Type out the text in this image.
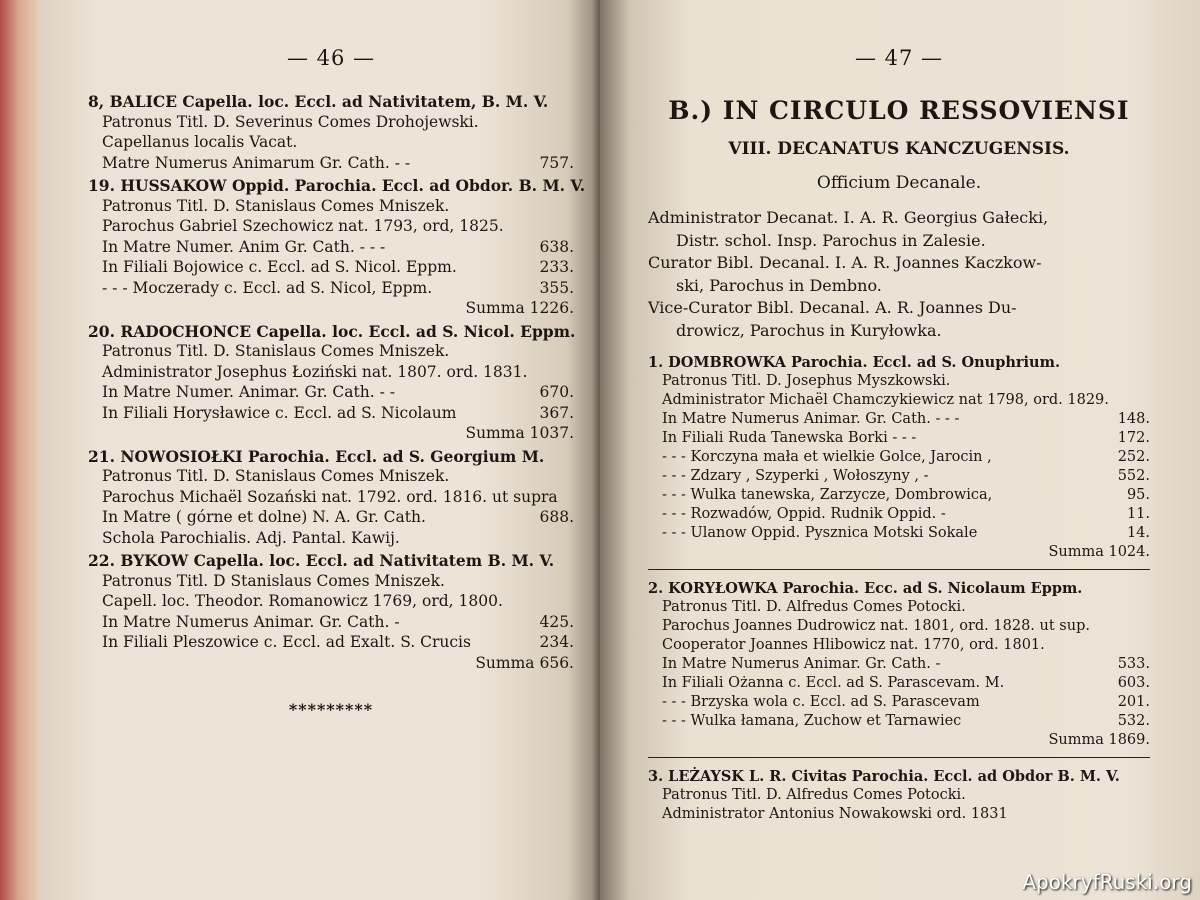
— 46 —
8, BALICE Capella. loc. Eccl. ad Nativitatem, B. M. V.
Patronus Titl. D. Severinus Comes Drohojewski.
Capellanus localis Vacat.
Matre Numerus Animarum Gr. Cath. - -	757.
19. HUSSAKOW Oppid. Parochia. Eccl. ad Obdor. B. M. V.
Patronus Titl. D. Stanislaus Comes Mniszek.
Parochus Gabriel Szechowicz nat. 1793, ord, 1825.
In Matre Numer. Anim Gr. Cath. - - -	638.
In Filiali Bojowice c. Eccl. ad S. Nicol. Eppm.	233.
- - - Moczerady c. Eccl. ad S. Nicol, Eppm.	355.
Summa 1226.
20. RADOCHONCE Capella. loc. Eccl. ad S. Nicol. Eppm.
Patronus Titl. D. Stanislaus Comes Mniszek.
Administrator Josephus Łoziński nat. 1807. ord. 1831.
In Matre Numer. Animar. Gr. Cath. - -	670.
In Filiali Horysławice c. Eccl. ad S. Nicolaum	367.
Summa 1037.
21. NOWOSIOŁKI Parochia. Eccl. ad S. Georgium M.
Patronus Titl. D. Stanislaus Comes Mniszek.
Parochus Michaël Sozański nat. 1792. ord. 1816. ut supra
In Matre ( górne et dolne) N. A. Gr. Cath.	688.
Schola Parochialis. Adj. Pantal. Kawij.
22. BYKOW Capella. loc. Eccl. ad Nativitatem B. M. V.
Patronus Titl. D Stanislaus Comes Mniszek.
Capell. loc. Theodor. Romanowicz 1769, ord, 1800.
In Matre Numerus Animar. Gr. Cath. -	425.
In Filiali Pleszowice c. Eccl. ad Exalt. S. Crucis	234.
Summa 656.
*********
— 47 —
B.) IN CIRCULO RESSOVIENSI
VIII. DECANATUS KANCZUGENSIS.
Officium Decanale.
Administrator Decanat. I. A. R. Georgius Gałecki,
Distr. schol. Insp. Parochus in Zalesie.
Curator Bibl. Decanal. I. A. R. Joannes Kaczkow-
ski, Parochus in Dembno.
Vice-Curator Bibl. Decanal. A. R. Joannes Du-
drowicz, Parochus in Kuryłowka.
1. DOMBROWKA Parochia. Eccl. ad S. Onuphrium.
Patronus Titl. D. Josephus Myszkowski.
Administrator Michaël Chamczykiewicz nat 1798, ord. 1829.
In Matre Numerus Animar. Gr. Cath. - - -	148.
In Filiali Ruda Tanewska Borki - - -	172.
- - - Korczyna mała et wielkie Golce, Jarocin ,	252.
- - - Zdzary , Szyperki , Wołoszyny , -	552.
- - - Wulka tanewska, Zarzycze, Dombrowica,	95.
- - - Rozwadów, Oppid. Rudnik Oppid. -	11.
- - - Ulanow Oppid. Pysznica Motski Sokale	14.
Summa 1024.
2. KORYŁOWKA Parochia. Ecc. ad S. Nicolaum Eppm.
Patronus Titl. D. Alfredus Comes Potocki.
Parochus Joannes Dudrowicz nat. 1801, ord. 1828. ut sup.
Cooperator Joannes Hlibowicz nat. 1770, ord. 1801.
In Matre Numerus Animar. Gr. Cath. -	533.
In Filiali Ożanna c. Eccl. ad S. Parascevam. M.	603.
- - - Brzyska wola c. Eccl. ad S. Parascevam	201.
- - - Wulka łamana, Zuchow et Tarnawiec	532.
Summa 1869.
3. LEŻAYSK L. R. Civitas Parochia. Eccl. ad Obdor B. M. V.
Patronus Titl. D. Alfredus Comes Potocki.
Administrator Antonius Nowakowski ord. 1831
ApokryfRuski.org
